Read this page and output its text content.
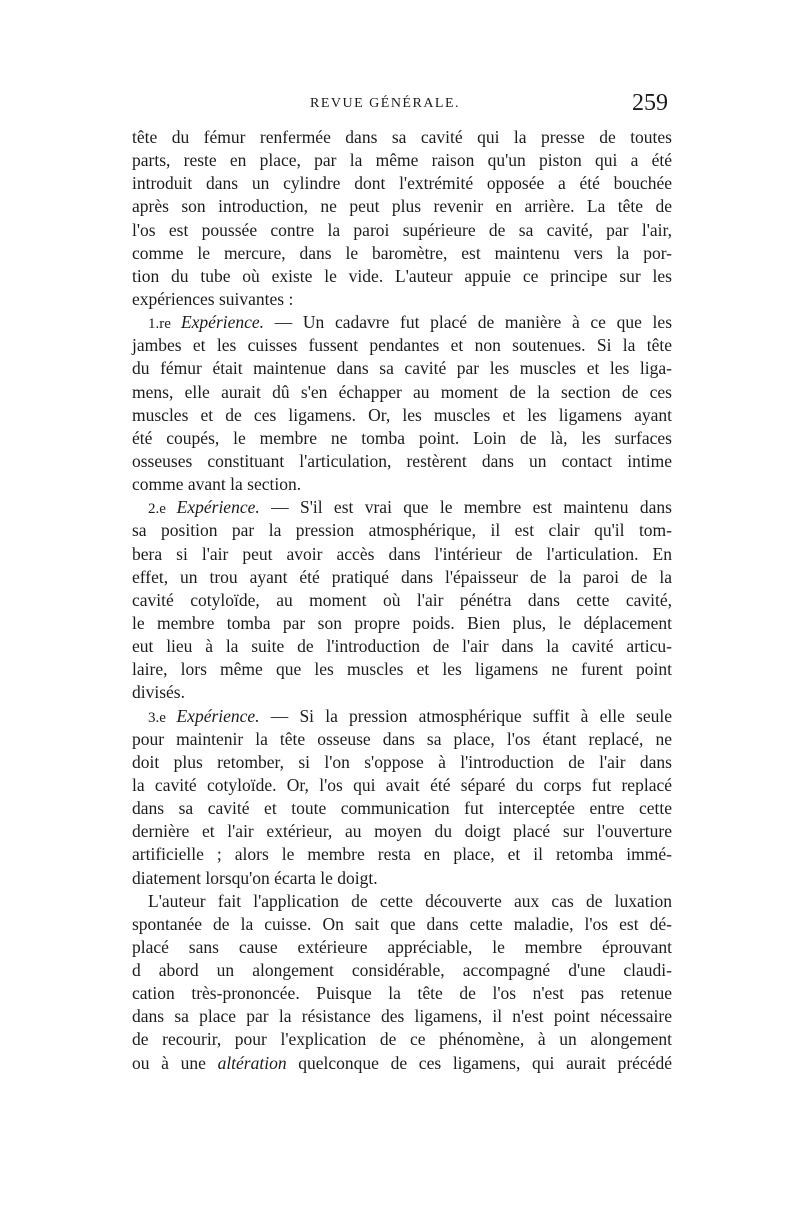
REVUE GÉNÉRALE.	259
tête du fémur renfermée dans sa cavité qui la presse de toutes
parts, reste en place, par la même raison qu'un piston qui a été
introduit dans un cylindre dont l'extrémité opposée a été bouchée
après son introduction, ne peut plus revenir en arrière. La tête de
l'os est poussée contre la paroi supérieure de sa cavité, par l'air,
comme le mercure, dans le baromètre, est maintenu vers la por-
tion du tube où existe le vide. L'auteur appuie ce principe sur les
expériences suivantes :
1.re Expérience. — Un cadavre fut placé de manière à ce que les
jambes et les cuisses fussent pendantes et non soutenues. Si la tête
du fémur était maintenue dans sa cavité par les muscles et les liga-
mens, elle aurait dû s'en échapper au moment de la section de ces
muscles et de ces ligamens. Or, les muscles et les ligamens ayant
été coupés, le membre ne tomba point. Loin de là, les surfaces
osseuses constituant l'articulation, restèrent dans un contact intime
comme avant la section.
2.e Expérience. — S'il est vrai que le membre est maintenu dans
sa position par la pression atmosphérique, il est clair qu'il tom-
bera si l'air peut avoir accès dans l'intérieur de l'articulation. En
effet, un trou ayant été pratiqué dans l'épaisseur de la paroi de la
cavité cotyloïde, au moment où l'air pénétra dans cette cavité,
le membre tomba par son propre poids. Bien plus, le déplacement
eut lieu à la suite de l'introduction de l'air dans la cavité articu-
laire, lors même que les muscles et les ligamens ne furent point
divisés.
3.e Expérience. — Si la pression atmosphérique suffit à elle seule
pour maintenir la tête osseuse dans sa place, l'os étant replacé, ne
doit plus retomber, si l'on s'oppose à l'introduction de l'air dans
la cavité cotyloïde. Or, l'os qui avait été séparé du corps fut replacé
dans sa cavité et toute communication fut interceptée entre cette
dernière et l'air extérieur, au moyen du doigt placé sur l'ouverture
artificielle ; alors le membre resta en place, et il retomba immé-
diatement lorsqu'on écarta le doigt.
L'auteur fait l'application de cette découverte aux cas de luxation
spontanée de la cuisse. On sait que dans cette maladie, l'os est dé-
placé sans cause extérieure appréciable, le membre éprouvant
d abord un alongement considérable, accompagné d'une claudi-
cation très-prononcée. Puisque la tête de l'os n'est pas retenue
dans sa place par la résistance des ligamens, il n'est point nécessaire
de recourir, pour l'explication de ce phénomène, à un alongement
ou à une altération quelconque de ces ligamens, qui aurait précédé
